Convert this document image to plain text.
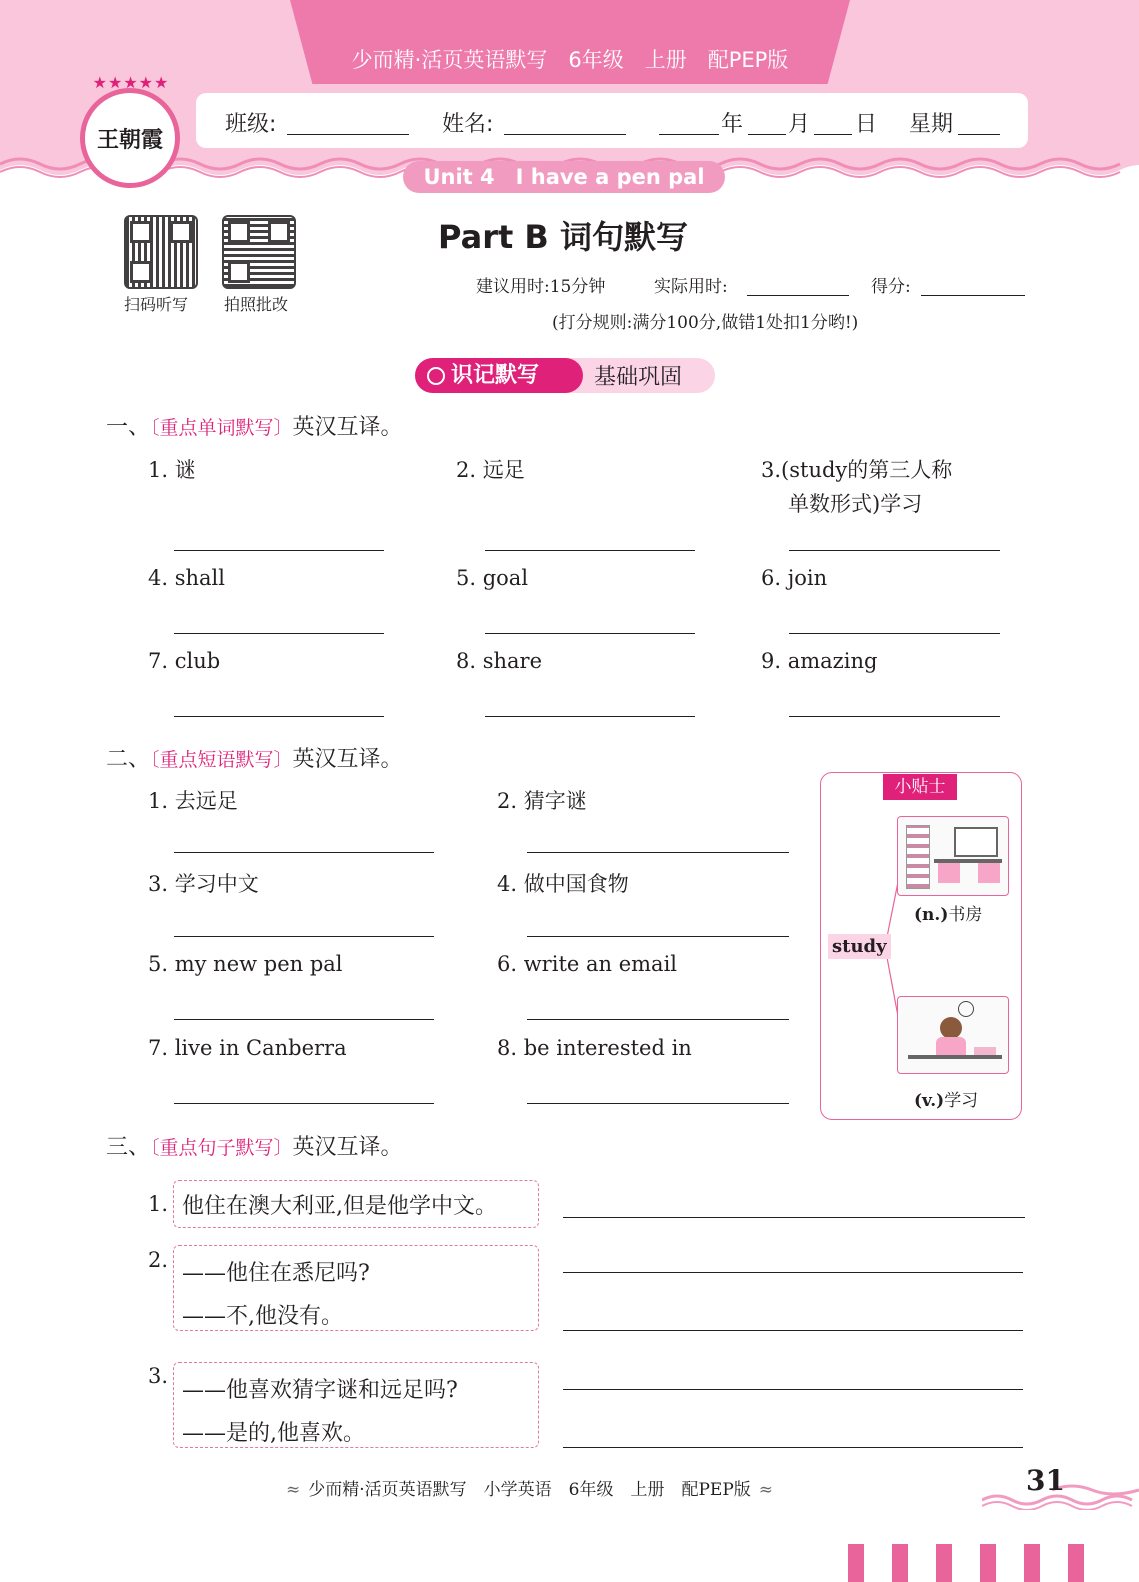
少而精·活页英语默写　6年级　上册　配PEP版
★★★★★
王朝霞
班级:	姓名:	年 月 日 星期
Unit 4　I have a pen pal
扫码听写 拍照批改
Part B 词句默写
建议用时:15分钟	实际用时:	得分:
(打分规则:满分100分,做错1处扣1分哟!)
识记默写	基础巩固
一、〔重点单词默写〕英汉互译。
1. 谜	2. 远足	3.(study的第三人称
单数形式)学习
4. shall	5. goal	6. join
7. club	8. share	9. amazing
二、〔重点短语默写〕英汉互译。
1. 去远足	2. 猜字谜
3. 学习中文	4. 做中国食物
5. my new pen pal	6. write an email
7. live in Canberra	8. be interested in
小贴士
study
(n.)书房
(v.)学习
三、〔重点句子默写〕英汉互译。
1. 他住在澳大利亚,但是他学中文。
2.
——他住在悉尼吗?
——不,他没有。
3.
——他喜欢猜字谜和远足吗?
——是的,他喜欢。
≈ 少而精·活页英语默写　小学英语　6年级　上册　配PEP版 ≈	31
